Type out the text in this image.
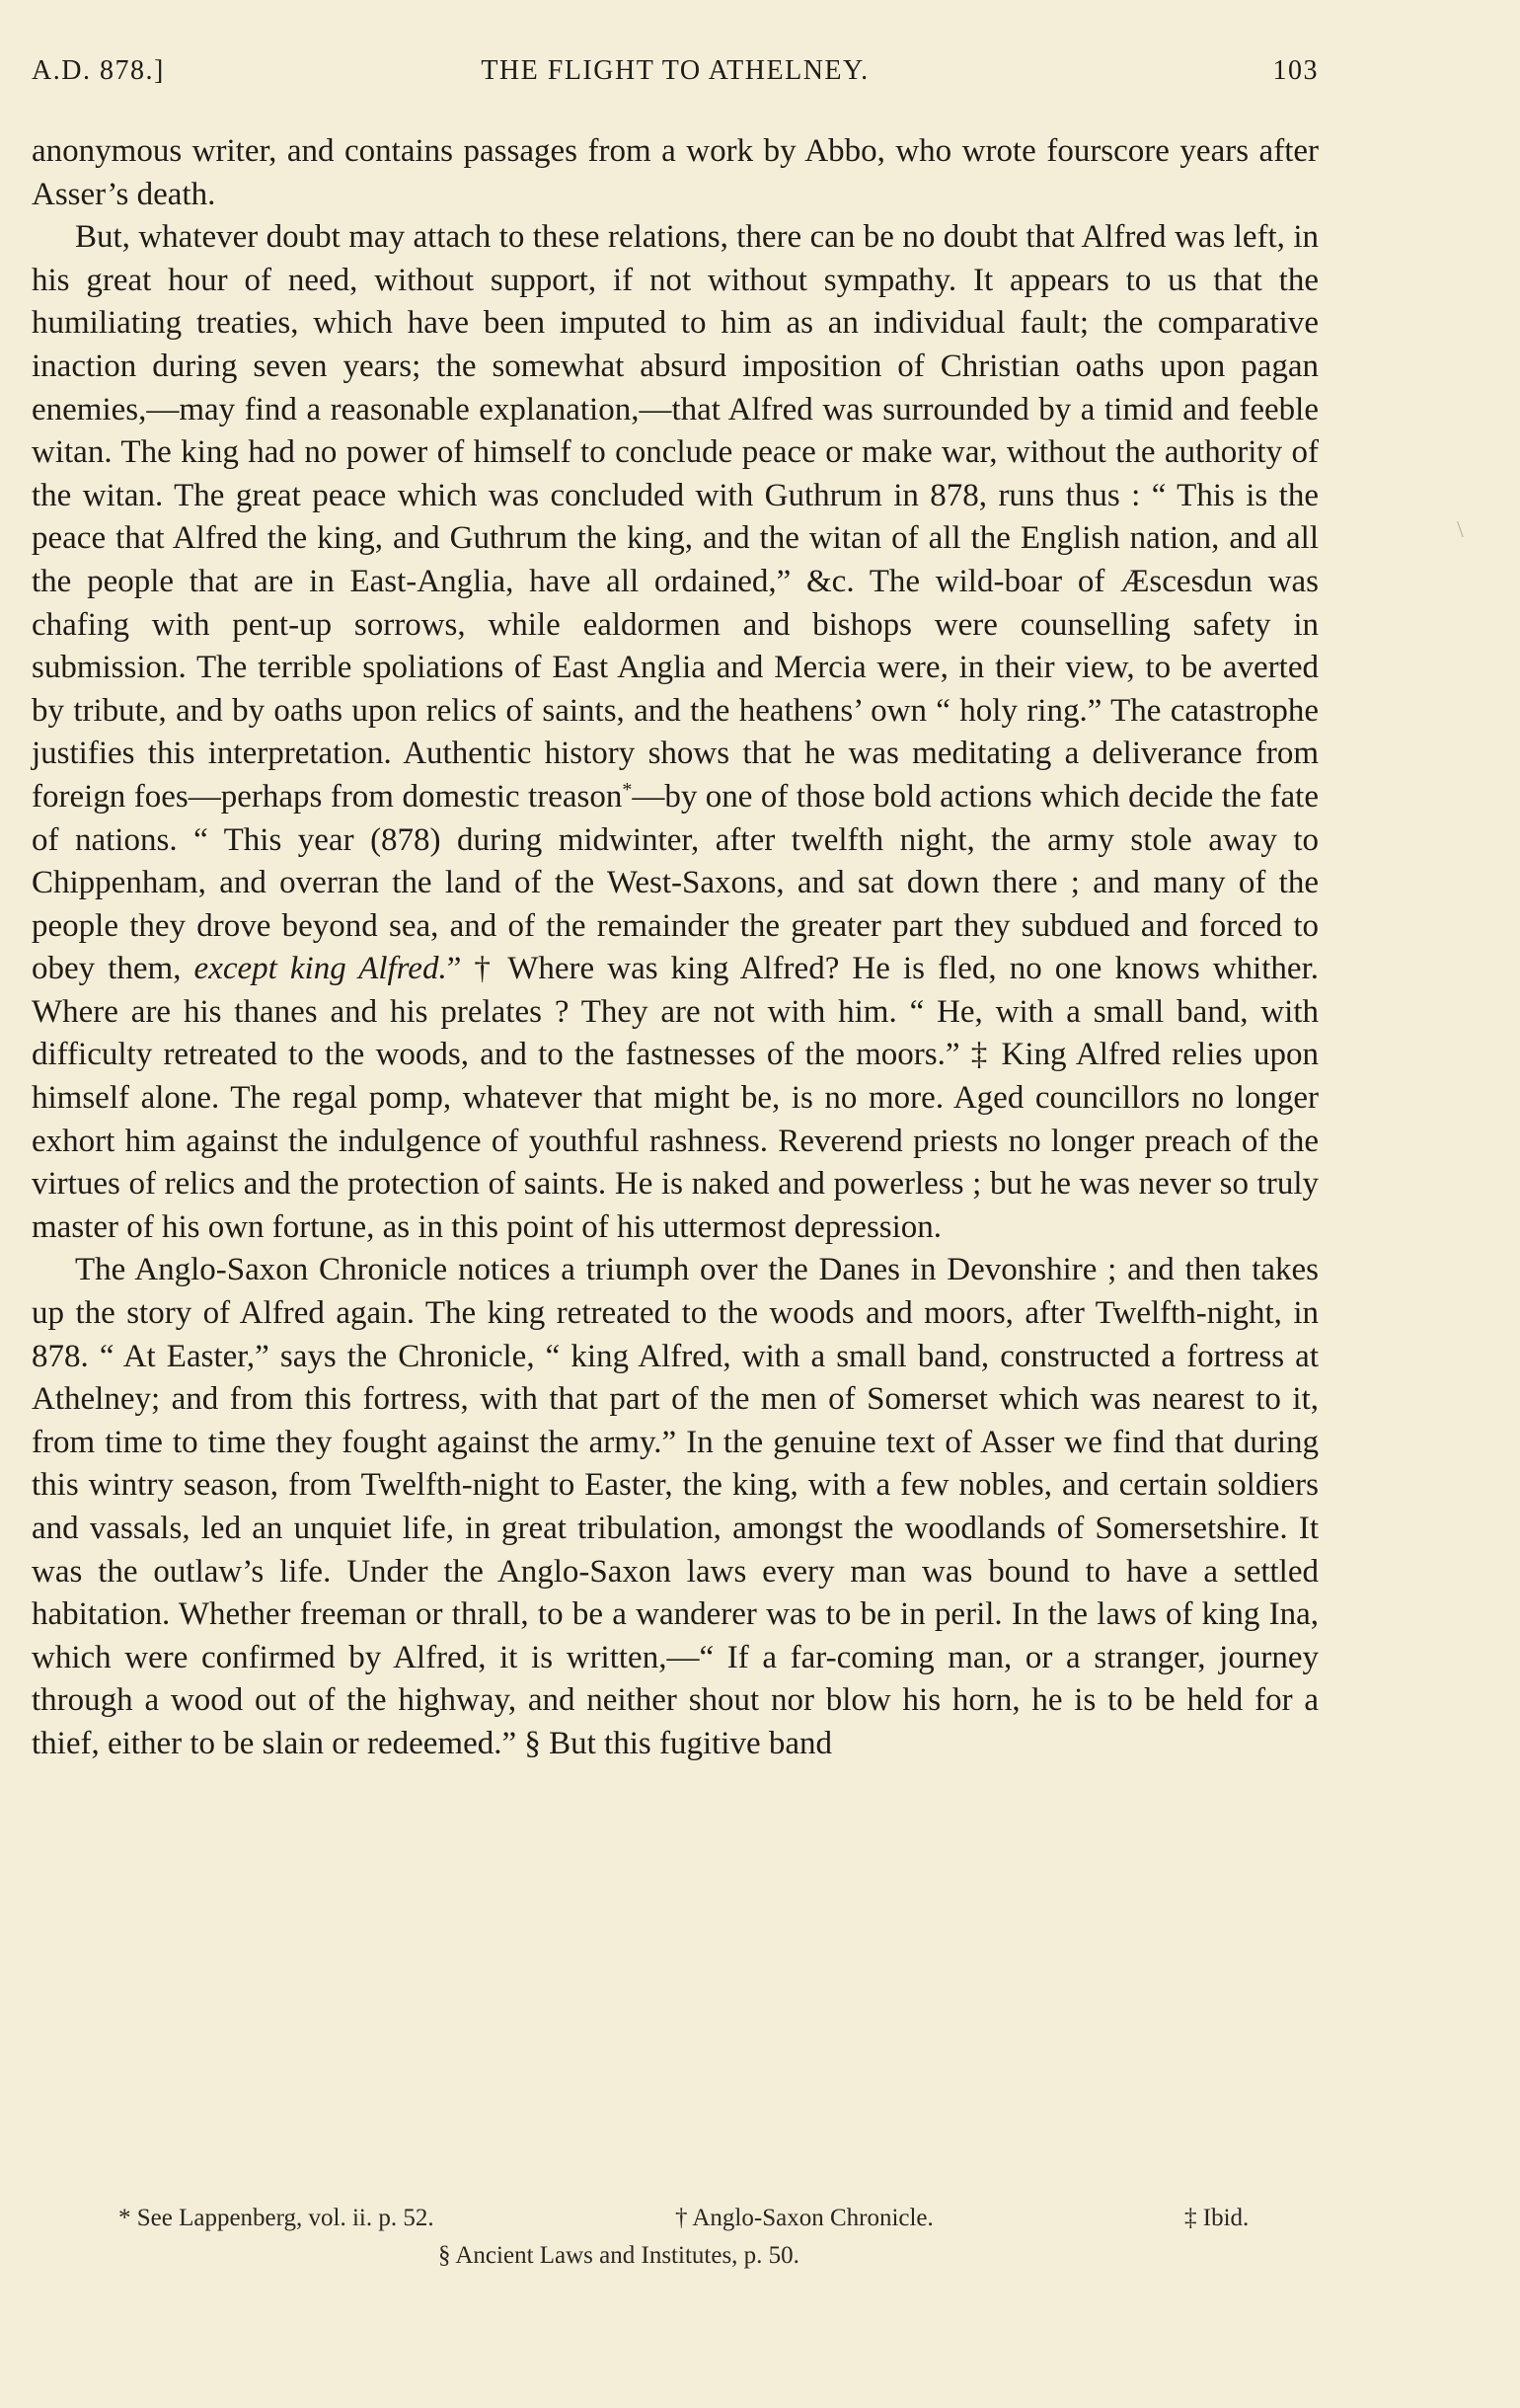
THE FLIGHT TO ATHELNEY.
A.D. 878.]	103

anonymous writer, and contains passages from a work by Abbo, who wrote fourscore years after Asser’s death.

But, whatever doubt may attach to these relations, there can be no doubt that Alfred was left, in his great hour of need, without support, if not without sympathy. It appears to us that the humiliating treaties, which have been imputed to him as an individual fault; the comparative inaction during seven years; the somewhat absurd imposition of Christian oaths upon pagan enemies,—may find a reasonable explanation,—that Alfred was surrounded by a timid and feeble witan. The king had no power of himself to conclude peace or make war, without the authority of the witan. The great peace which was concluded with Guthrum in 878, runs thus : “ This is the peace that Alfred the king, and Guthrum the king, and the witan of all the English nation, and all the people that are in East-Anglia, have all ordained,” &c. The wild-boar of Æscesdun was chafing with pent-up sorrows, while ealdormen and bishops were counselling safety in submission. The terrible spoliations of East Anglia and Mercia were, in their view, to be averted by tribute, and by oaths upon relics of saints, and the heathens’ own “ holy ring.” The catastrophe justifies this interpretation. Authentic history shows that he was meditating a deliverance from foreign foes—perhaps from domestic treason*—by one of those bold actions which decide the fate of nations. “ This year (878) during midwinter, after twelfth night, the army stole away to Chippenham, and overran the land of the West-Saxons, and sat down there ; and many of the people they drove beyond sea, and of the remainder the greater part they subdued and forced to obey them, except king Alfred.” † Where was king Alfred? He is fled, no one knows whither. Where are his thanes and his prelates ? They are not with him. “ He, with a small band, with difficulty retreated to the woods, and to the fastnesses of the moors.” ‡ King Alfred relies upon himself alone. The regal pomp, whatever that might be, is no more. Aged councillors no longer exhort him against the indulgence of youthful rashness. Reverend priests no longer preach of the virtues of relics and the protection of saints. He is naked and powerless ; but he was never so truly master of his own fortune, as in this point of his uttermost depression.

The Anglo-Saxon Chronicle notices a triumph over the Danes in Devonshire ; and then takes up the story of Alfred again. The king retreated to the woods and moors, after Twelfth-night, in 878. “ At Easter,” says the Chronicle, “ king Alfred, with a small band, constructed a fortress at Athelney; and from this fortress, with that part of the men of Somerset which was nearest to it, from time to time they fought against the army.” In the genuine text of Asser we find that during this wintry season, from Twelfth-night to Easter, the king, with a few nobles, and certain soldiers and vassals, led an unquiet life, in great tribulation, amongst the woodlands of Somersetshire. It was the outlaw’s life. Under the Anglo-Saxon laws every man was bound to have a settled habitation. Whether freeman or thrall, to be a wanderer was to be in peril. In the laws of king Ina, which were confirmed by Alfred, it is written,—“ If a far-coming man, or a stranger, journey through a wood out of the highway, and neither shout nor blow his horn, he is to be held for a thief, either to be slain or redeemed.” § But this fugitive band

\
* See Lappenberg, vol. ii. p. 52.	† Anglo-Saxon Chronicle.	‡ Ibid.
§ Ancient Laws and Institutes, p. 50.
